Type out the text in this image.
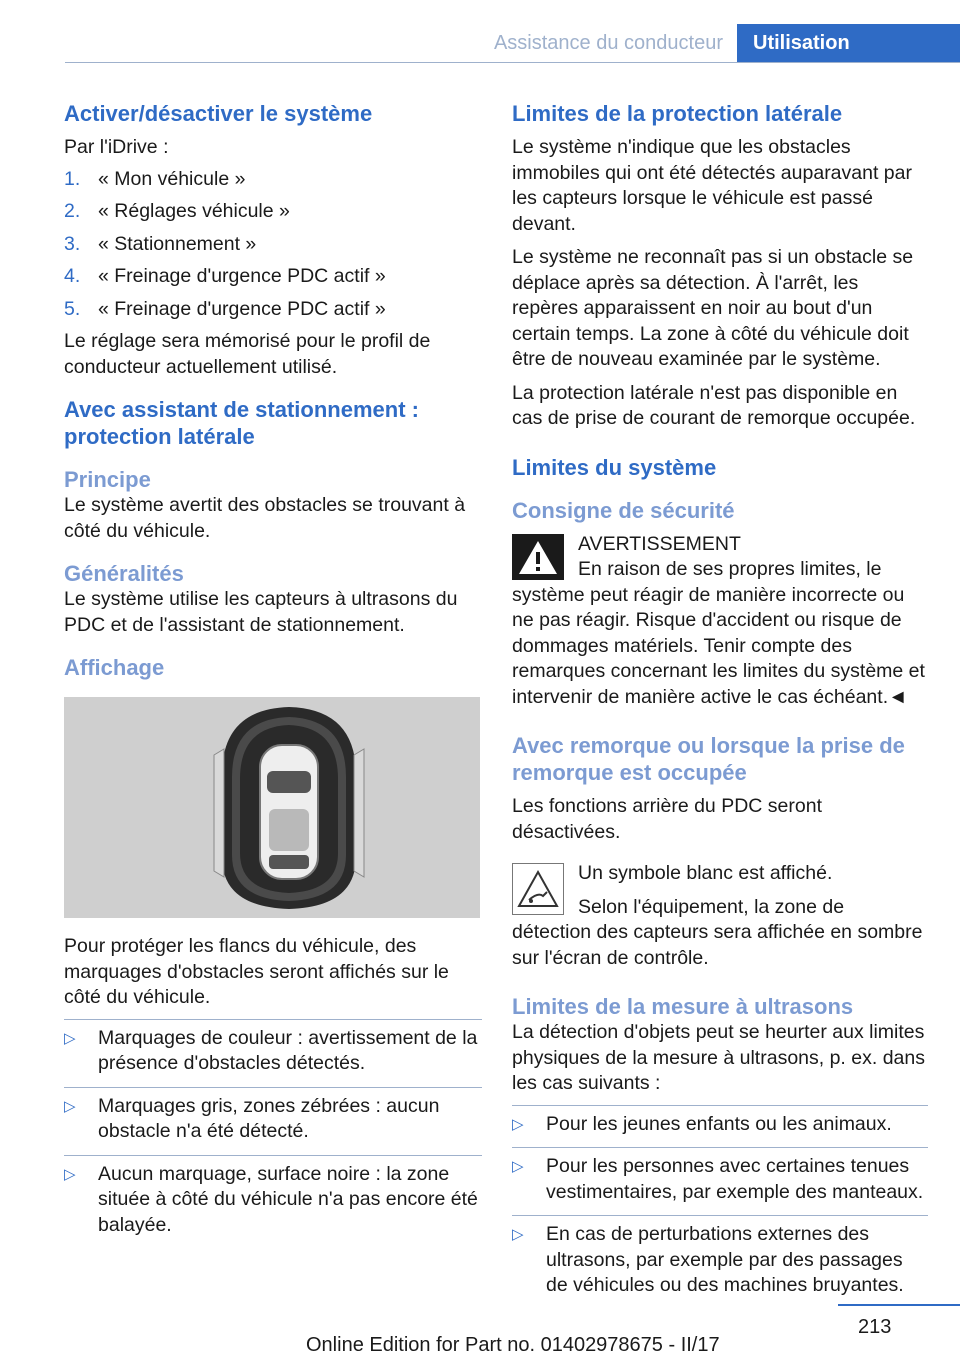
Assistance du conducteur	Utilisation
Activer/désactiver le système

Par l'iDrive :

1. « Mon véhicule »
2. « Réglages véhicule »
3. « Stationnement »
4. « Freinage d'urgence PDC actif »
5. « Freinage d'urgence PDC actif »

Le réglage sera mémorisé pour le profil de conducteur actuellement utilisé.

Avec assistant de stationnement : protection latérale
Principe

Le système avertit des obstacles se trouvant à côté du véhicule.

Généralités

Le système utilise les capteurs à ultrasons du PDC et de l'assistant de stationnement.

Affichage

Pour protéger les flancs du véhicule, des marquages d'obstacles seront affichés sur le côté du véhicule.

▷	Marquages de couleur : avertissement de la présence d'obstacles détectés.
▷	Marquages gris, zones zébrées : aucun obstacle n'a été détecté.
▷	Aucun marquage, surface noire : la zone située à côté du véhicule n'a pas encore été balayée.
Limites de la protection latérale

Le système n'indique que les obstacles immobiles qui ont été détectés auparavant par les capteurs lorsque le véhicule est passé devant.

Le système ne reconnaît pas si un obstacle se déplace après sa détection. À l'arrêt, les repères apparaissent en noir au bout d'un certain temps. La zone à côté du véhicule doit être de nouveau examinée par le système.

La protection latérale n'est pas disponible en cas de prise de courant de remorque occupée.

Limites du système
Consigne de sécurité

AVERTISSEMENT

En raison de ses propres limites, le système peut réagir de manière incorrecte ou ne pas réagir. Risque d'accident ou risque de dommages matériels. Tenir compte des remarques concernant les limites du système et intervenir de manière active le cas échéant.◄

Avec remorque ou lorsque la prise de remorque est occupée

Les fonctions arrière du PDC seront désactivées.

Un symbole blanc est affiché.

Selon l'équipement, la zone de détection des capteurs sera affichée en sombre sur l'écran de contrôle.

Limites de la mesure à ultrasons

La détection d'objets peut se heurter aux limites physiques de la mesure à ultrasons, p. ex. dans les cas suivants :

▷	Pour les jeunes enfants ou les animaux.
▷	Pour les personnes avec certaines tenues vestimentaires, par exemple des manteaux.
▷	En cas de perturbations externes des ultrasons, par exemple par des passages de véhicules ou des machines bruyantes.
213
Online Edition for Part no. 01402978675 - II/17
